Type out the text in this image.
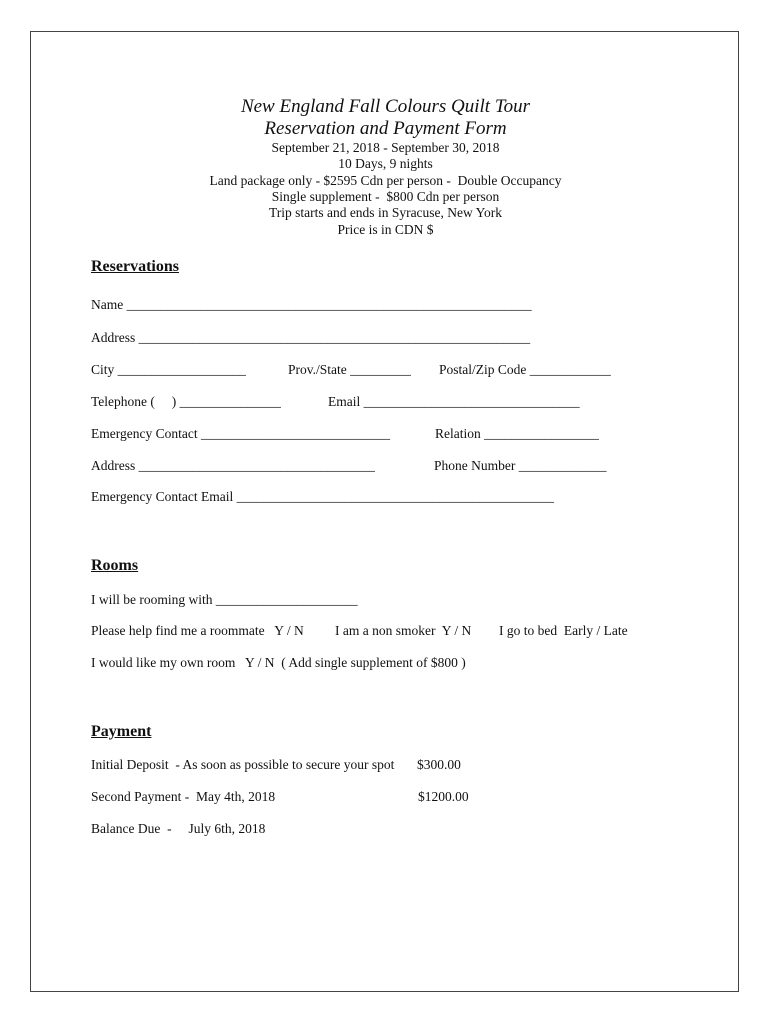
New England Fall Colours Quilt Tour
Reservation and Payment Form
September 21, 2018 - September 30, 2018
10 Days, 9 nights
Land package only - $2595 Cdn per person -  Double Occupancy
Single supplement -  $800 Cdn per person
Trip starts and ends in Syracuse, New York
Price is in CDN $
Reservations
Name ____________________________________________________________
Address __________________________________________________________
City ___________________	Prov./State _________ Postal/Zip Code ____________
Telephone (     ) _______________	Email ________________________________
Emergency Contact ____________________________	Relation _________________
Address ___________________________________	Phone Number _____________
Emergency Contact Email _______________________________________________
Rooms
I will be rooming with _____________________
Please help find me a roommate   Y / N I am a non smoker  Y / N I go to bed  Early / Late
I would like my own room   Y / N  ( Add single supplement of $800 )
Payment
Initial Deposit  - As soon as possible to secure your spot $300.00
Second Payment -  May 4th, 2018	$1200.00
Balance Due  -     July 6th, 2018
